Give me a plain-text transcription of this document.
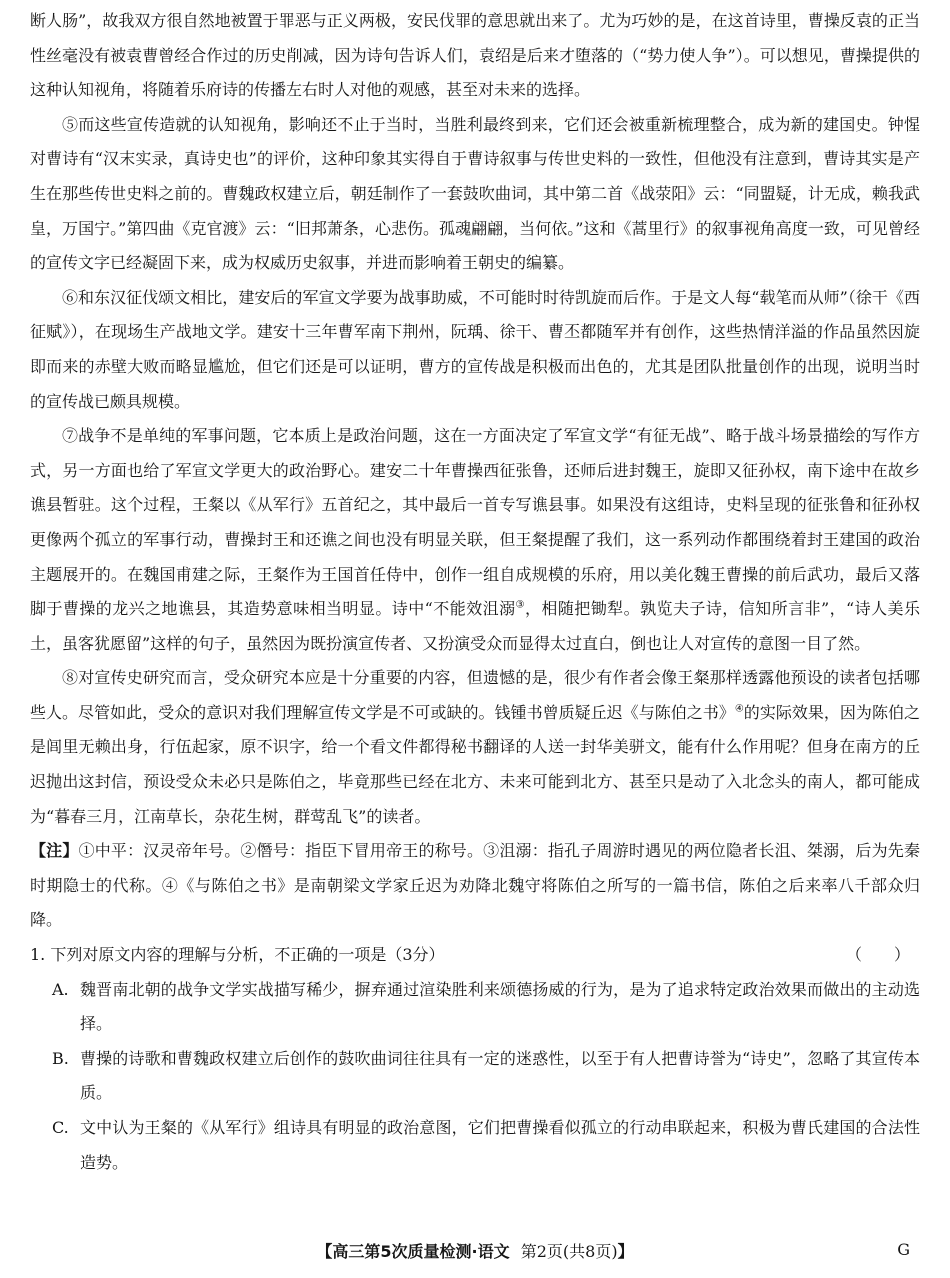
断人肠”，故我双方很自然地被置于罪恶与正义两极，安民伐罪的意思就出来了。尤为巧妙的是，在这首诗里，曹操反袁的正当性丝毫没有被袁曹曾经合作过的历史削减，因为诗句告诉人们，袁绍是后来才堕落的（“势力使人争”）。可以想见，曹操提供的这种认知视角，将随着乐府诗的传播左右时人对他的观感，甚至对未来的选择。

⑤而这些宣传造就的认知视角，影响还不止于当时，当胜利最终到来，它们还会被重新梳理整合，成为新的建国史。钟惺对曹诗有“汉末实录，真诗史也”的评价，这种印象其实得自于曹诗叙事与传世史料的一致性，但他没有注意到，曹诗其实是产生在那些传世史料之前的。曹魏政权建立后，朝廷制作了一套鼓吹曲词，其中第二首《战荥阳》云：“同盟疑，计无成，赖我武皇，万国宁。”第四曲《克官渡》云：“旧邦萧条，心悲伤。孤魂翩翩，当何依。”这和《蒿里行》的叙事视角高度一致，可见曾经的宣传文字已经凝固下来，成为权威历史叙事，并进而影响着王朝史的编纂。

⑥和东汉征伐颂文相比，建安后的军宣文学要为战事助威，不可能时时待凯旋而后作。于是文人每“载笔而从师”（徐干《西征赋》），在现场生产战地文学。建安十三年曹军南下荆州，阮瑀、徐干、曹丕都随军并有创作，这些热情洋溢的作品虽然因旋即而来的赤壁大败而略显尴尬，但它们还是可以证明，曹方的宣传战是积极而出色的，尤其是团队批量创作的出现，说明当时的宣传战已颇具规模。

⑦战争不是单纯的军事问题，它本质上是政治问题，这在一方面决定了军宣文学“有征无战”、略于战斗场景描绘的写作方式，另一方面也给了军宣文学更大的政治野心。建安二十年曹操西征张鲁，还师后进封魏王，旋即又征孙权，南下途中在故乡谯县暂驻。这个过程，王粲以《从军行》五首纪之，其中最后一首专写谯县事。如果没有这组诗，史料呈现的征张鲁和征孙权更像两个孤立的军事行动，曹操封王和还谯之间也没有明显关联，但王粲提醒了我们，这一系列动作都围绕着封王建国的政治主题展开的。在魏国甫建之际，王粲作为王国首任侍中，创作一组自成规模的乐府，用以美化魏王曹操的前后武功，最后又落脚于曹操的龙兴之地谯县，其造势意味相当明显。诗中“不能效沮溺③，相随把锄犁。孰览夫子诗，信知所言非”，“诗人美乐土，虽客犹愿留”这样的句子，虽然因为既扮演宣传者、又扮演受众而显得太过直白，倒也让人对宣传的意图一目了然。

⑧对宣传史研究而言，受众研究本应是十分重要的内容，但遗憾的是，很少有作者会像王粲那样透露他预设的读者包括哪些人。尽管如此，受众的意识对我们理解宣传文学是不可或缺的。钱锺书曾质疑丘迟《与陈伯之书》④的实际效果，因为陈伯之是闾里无赖出身，行伍起家，原不识字，给一个看文件都得秘书翻译的人送一封华美骈文，能有什么作用呢？但身在南方的丘迟抛出这封信，预设受众未必只是陈伯之，毕竟那些已经在北方、未来可能到北方、甚至只是动了入北念头的南人，都可能成为“暮春三月，江南草长，杂花生树，群莺乱飞”的读者。

【注】①中平：汉灵帝年号。②僭号：指臣下冒用帝王的称号。③沮溺：指孔子周游时遇见的两位隐者长沮、桀溺，后为先秦时期隐士的代称。④《与陈伯之书》是南朝梁文学家丘迟为劝降北魏守将陈伯之所写的一篇书信，陈伯之后来率八千部众归降。

1. 下列对原文内容的理解与分析，不正确的一项是（3分）	（　　）
A. 魏晋南北朝的战争文学实战描写稀少，摒弃通过渲染胜利来颂德扬威的行为，是为了追求特定政治效果而做出的主动选择。
B. 曹操的诗歌和曹魏政权建立后创作的鼓吹曲词往往具有一定的迷惑性，以至于有人把曹诗誉为“诗史”，忽略了其宣传本质。
C. 文中认为王粲的《从军行》组诗具有明显的政治意图，它们把曹操看似孤立的行动串联起来，积极为曹氏建国的合法性造势。
【高三第5次质量检测·语文 第2页(共8页)】	G
